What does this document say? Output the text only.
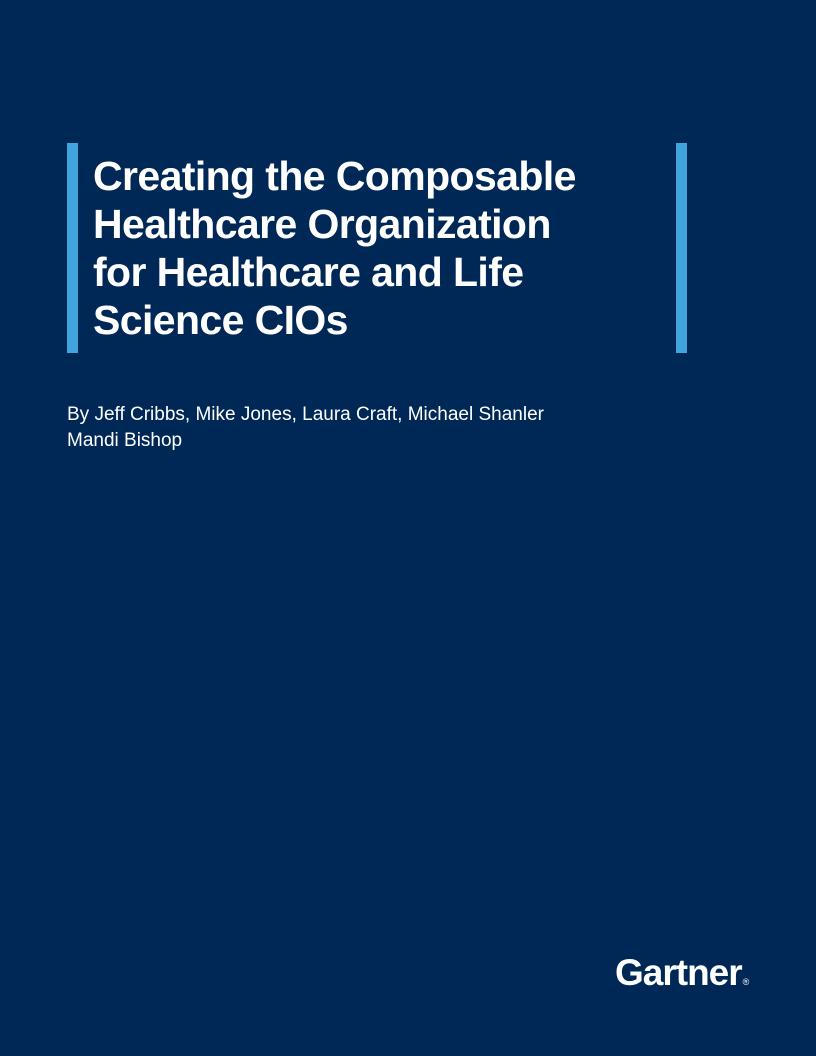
Creating the Composable
Healthcare Organization
for Healthcare and Life
Science CIOs
By Jeff Cribbs, Mike Jones, Laura Craft, Michael Shanler
Mandi Bishop
Gartner®
